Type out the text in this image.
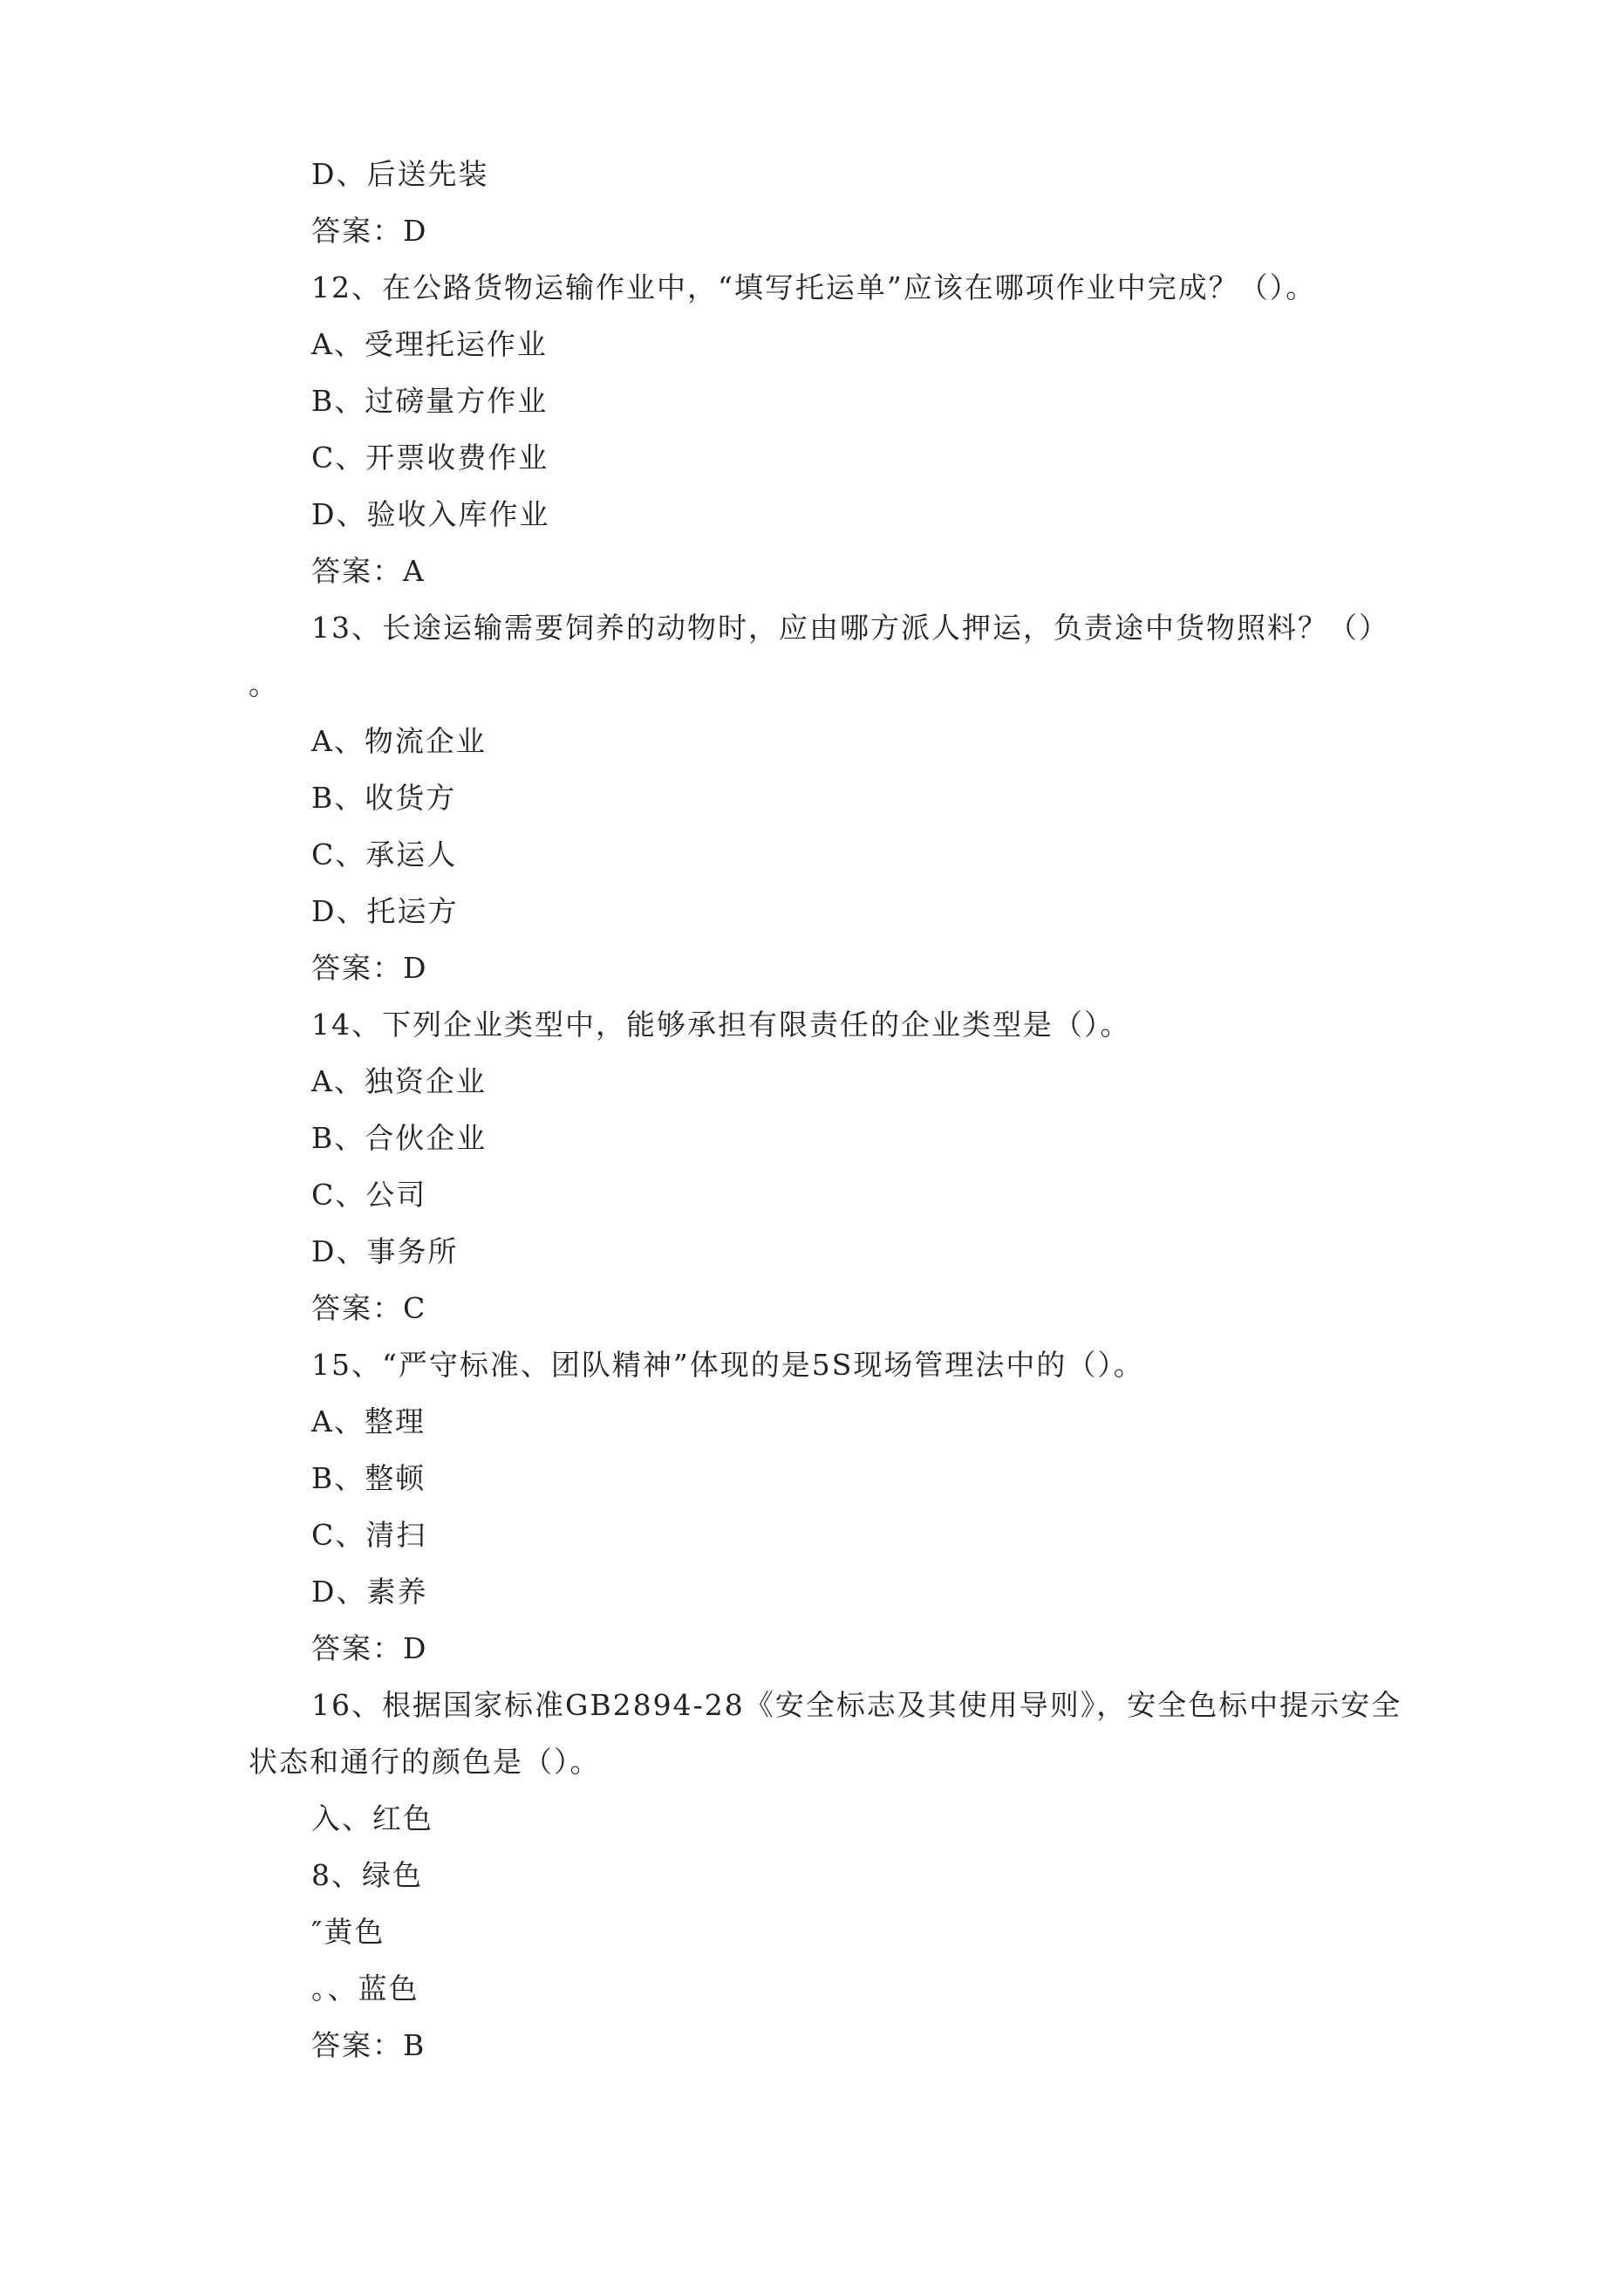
D、后送先装
答案：D
12、在公路货物运输作业中，“填写托运单”应该在哪项作业中完成？（）。
A、受理托运作业
B、过磅量方作业
C、开票收费作业
D、验收入库作业
答案：A
13、长途运输需要饲养的动物时，应由哪方派人押运，负责途中货物照料？（）
。
A、物流企业
B、收货方
C、承运人
D、托运方
答案：D
14、下列企业类型中，能够承担有限责任的企业类型是（）。
A、独资企业
B、合伙企业
C、公司
D、事务所
答案：C
15、“严守标准、团队精神”体现的是5S现场管理法中的（）。
A、整理
B、整顿
C、清扫
D、素养
答案：D
16、根据国家标准GB2894-28《安全标志及其使用导则》，安全色标中提示安全
状态和通行的颜色是（）。
入、红色
8、绿色
″黄色
。、蓝色
答案：B
